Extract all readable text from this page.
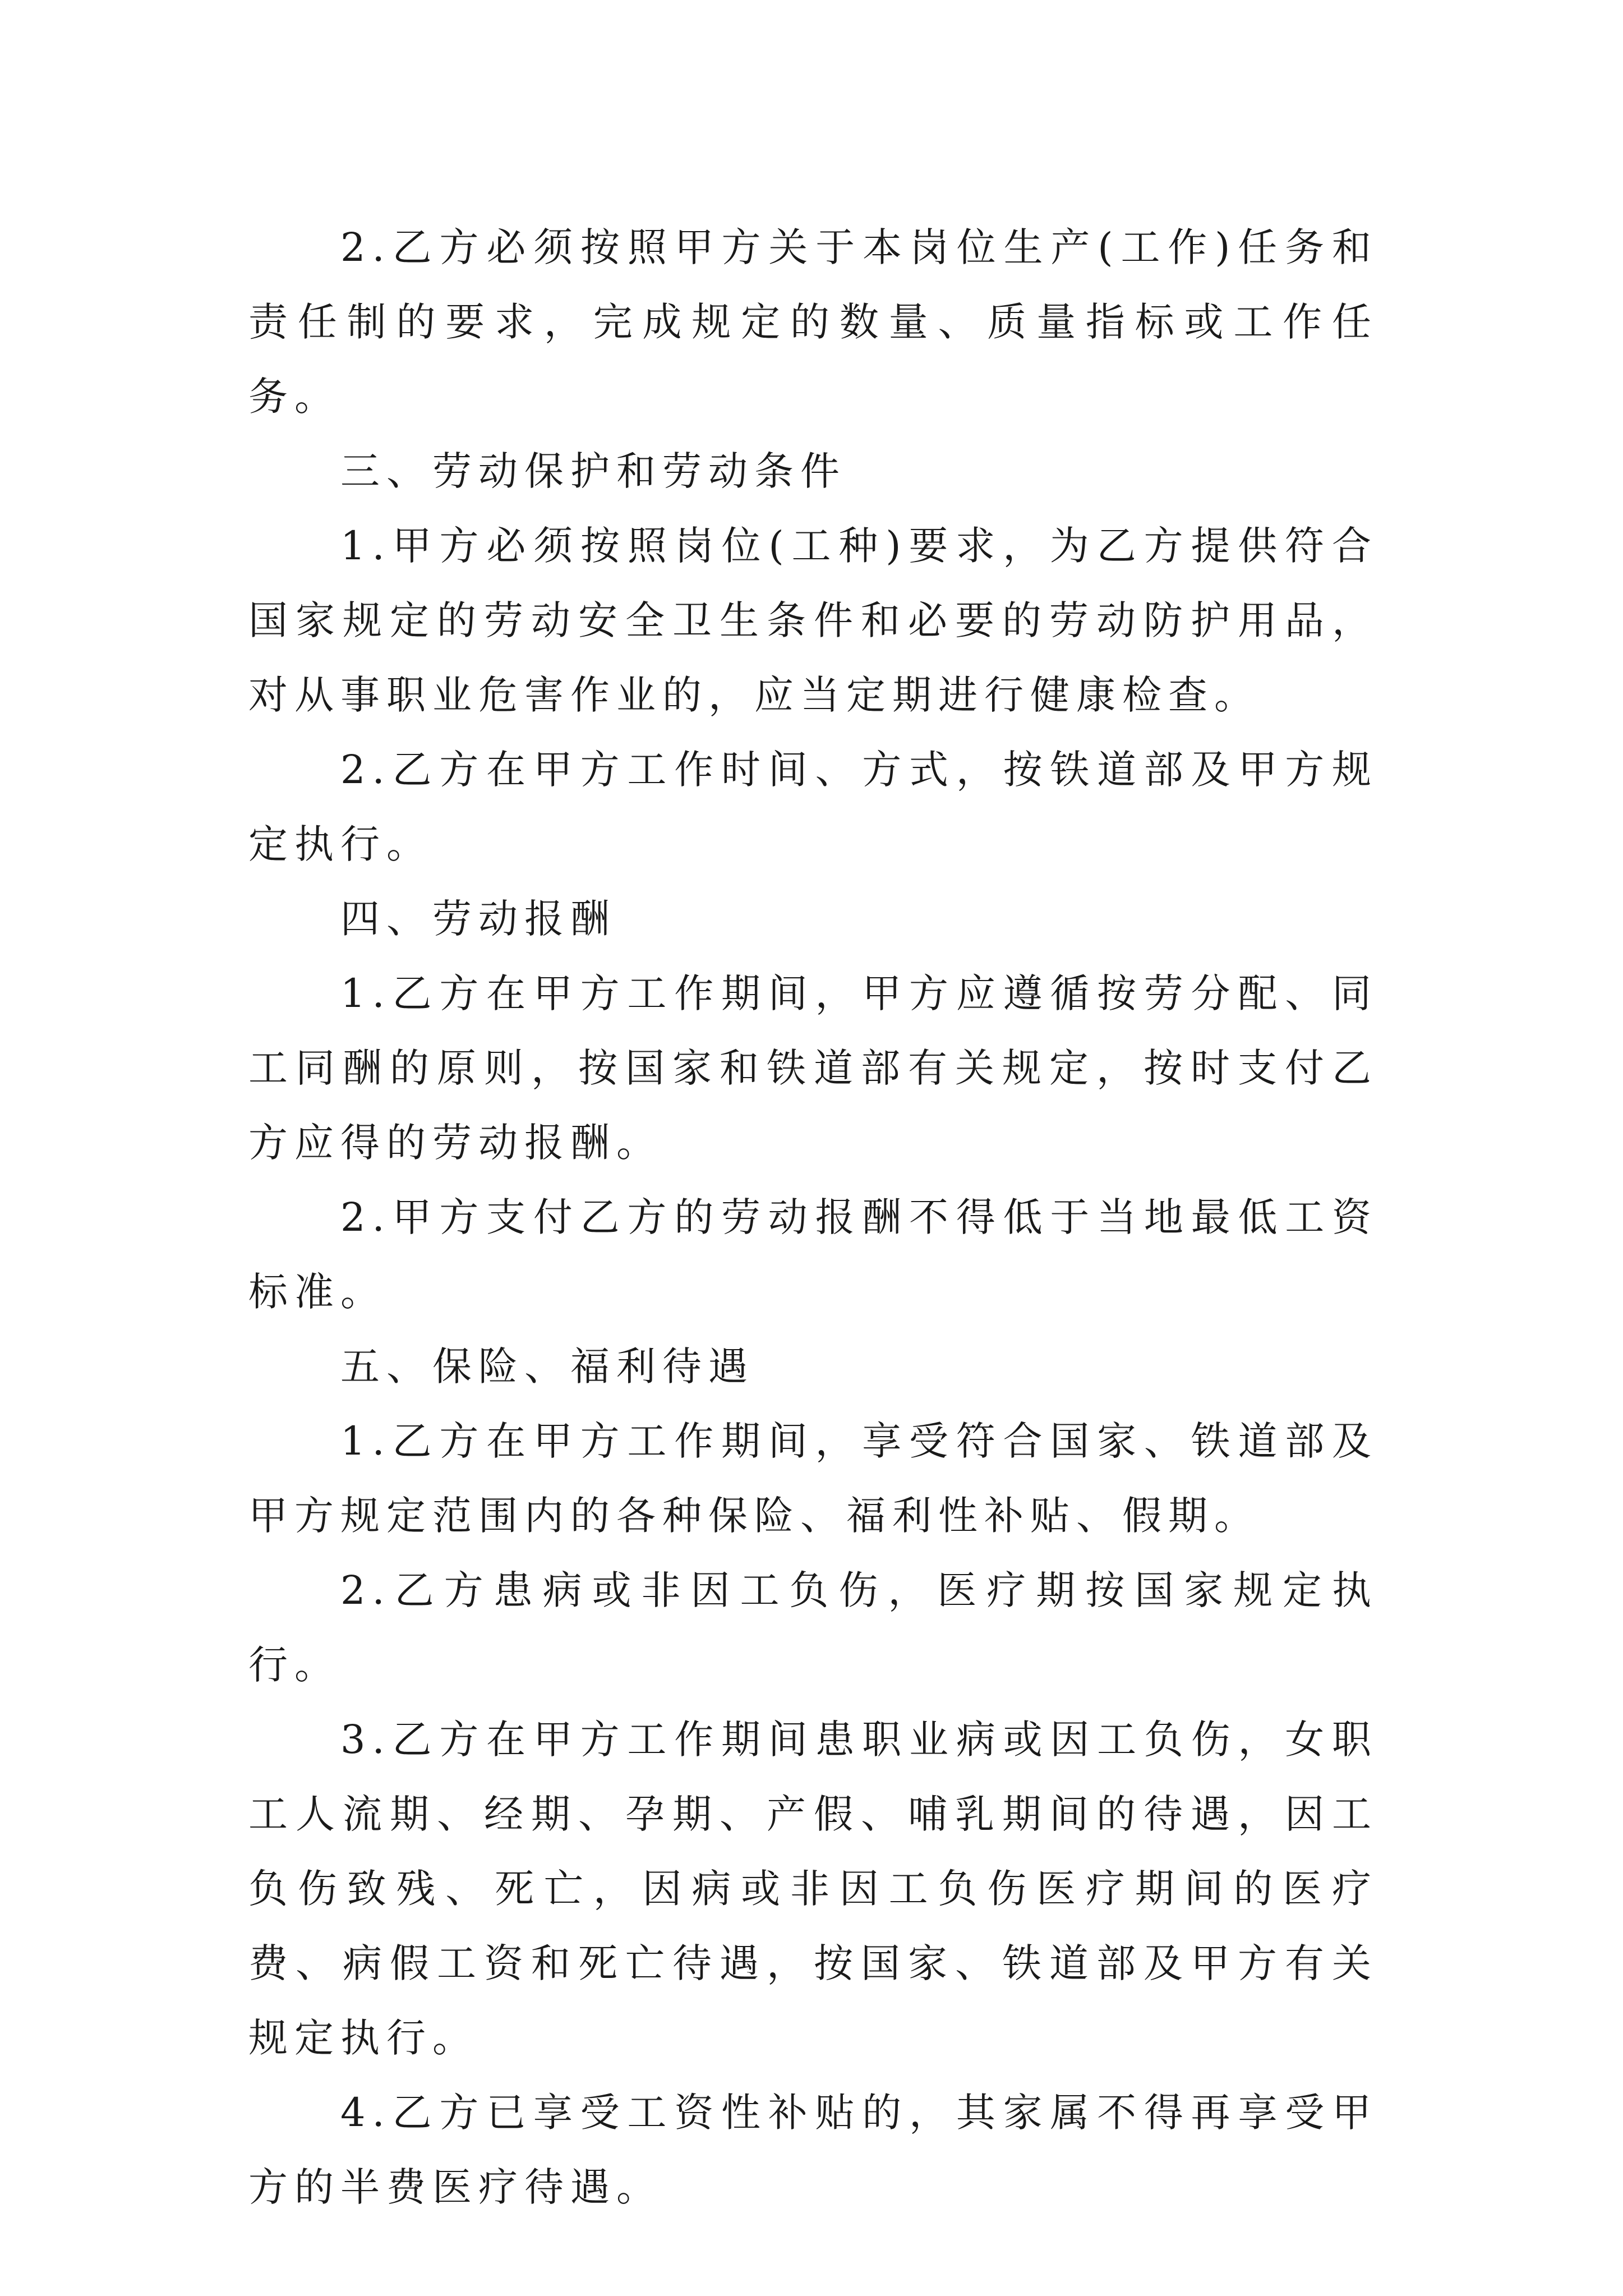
2.乙方必须按照甲方关于本岗位生产(工作)任务和责任制的要求，完成规定的数量、质量指标或工作任务。

三、劳动保护和劳动条件

1.甲方必须按照岗位(工种)要求，为乙方提供符合国家规定的劳动安全卫生条件和必要的劳动防护用品，对从事职业危害作业的，应当定期进行健康检查。

2.乙方在甲方工作时间、方式，按铁道部及甲方规定执行。

四、劳动报酬

1.乙方在甲方工作期间，甲方应遵循按劳分配、同工同酬的原则，按国家和铁道部有关规定，按时支付乙方应得的劳动报酬。

2.甲方支付乙方的劳动报酬不得低于当地最低工资标准。

五、保险、福利待遇

1.乙方在甲方工作期间，享受符合国家、铁道部及甲方规定范围内的各种保险、福利性补贴、假期。

2.乙方患病或非因工负伤，医疗期按国家规定执行。

3.乙方在甲方工作期间患职业病或因工负伤，女职工人流期、经期、孕期、产假、哺乳期间的待遇，因工负伤致残、死亡，因病或非因工负伤医疗期间的医疗费、病假工资和死亡待遇，按国家、铁道部及甲方有关规定执行。

4.乙方已享受工资性补贴的，其家属不得再享受甲方的半费医疗待遇。
